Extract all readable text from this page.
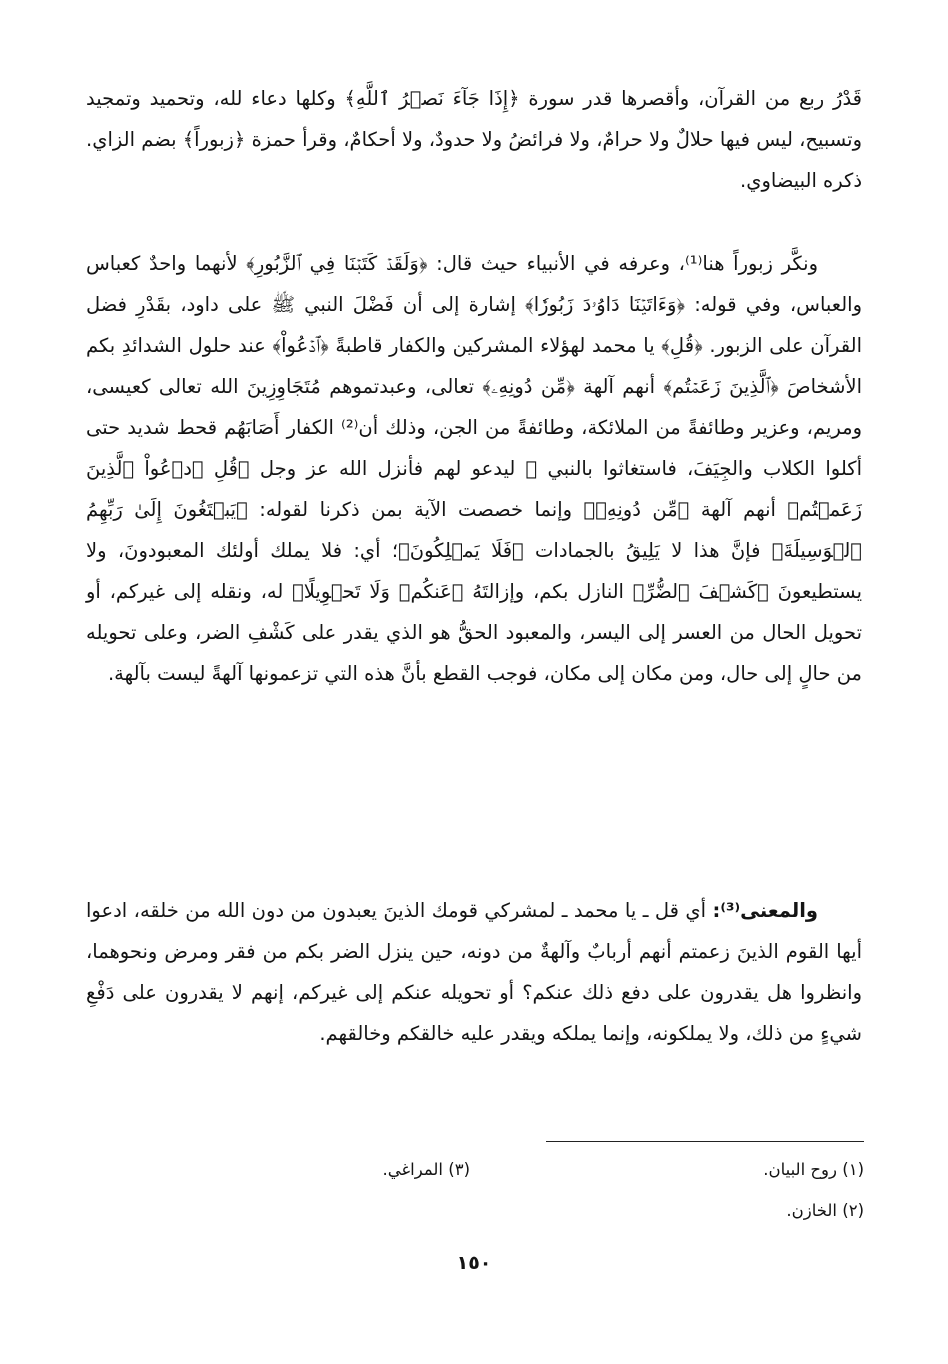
قَدْرُ ربع من القرآن، وأقصرها قدر سورة ﴿إِذَا جَآءَ نَصۡرُ ٱللَّهِ﴾ وكلها دعاء لله، وتحميد وتمجيد وتسبيح، ليس فيها حلالٌ ولا حرامٌ، ولا فرائضُ ولا حدودٌ، ولا أحكامٌ، وقرأ حمزة ﴿زبوراً﴾ بضم الزاي. ذكره البيضاوي.

ونكَّر زبوراً هنا⁽¹⁾، وعرفه في الأنبياء حيث قال: ﴿وَلَقَدۡ كَتَبۡنَا فِي ٱلزَّبُورِ﴾ لأنهما واحدٌ كعباس والعباس، وفي قوله: ﴿وَءَاتَيۡنَا دَاوُۥدَ زَبُورٗا﴾ إشارة إلى أن فَضْلَ النبي ﷺ على داود، بقَدْرِ فضل القرآن على الزبور. ﴿قُلِ﴾ يا محمد لهؤلاء المشركين والكفار قاطبةً ﴿ٱدۡعُواْ﴾ عند حلول الشدائدِ بكم الأشخاصَ ﴿ٱلَّذِينَ زَعَمۡتُم﴾ أنهم آلهة ﴿مِّن دُونِهِۦ﴾ تعالى، وعبدتموهم مُتَجَاوِزِينَ الله تعالى كعيسى، ومريم، وعزير وطائفةً من الملائكة، وطائفةً من الجن، وذلك أن⁽²⁾ الكفار أَصَابَهُم قحط شديد حتى أكلوا الكلاب والجِيَفَ، فاستغاثوا بالنبي ﷺ ليدعو لهم فأنزل الله عز وجل ﴿قُلِ ٱدۡعُواْ ٱلَّذِينَ زَعَمۡتُم﴾ أنهم آلهة ﴿مِّن دُونِهِۦ﴾ وإنما خصصت الآية بمن ذكرنا لقوله: ﴿يَبۡتَغُونَ إِلَىٰ رَبِّهِمُ ٱلۡوَسِيلَةَ﴾ فإنَّ هذا لا يَلِيقُ بالجمادات ﴿فَلَا يَمۡلِكُونَ﴾؛ أي: فلا يملك أولئك المعبودونَ، ولا يستطيعونَ ﴿كَشۡفَ ٱلضُّرِّ﴾ النازل بكم، وإزالتَهُ ﴿عَنكُمۡ وَلَا تَحۡوِيلًا﴾ له، ونقله إلى غيركم، أو تحويل الحال من العسر إلى اليسر، والمعبود الحقُّ هو الذي يقدر على كَشْفِ الضر، وعلى تحويله من حالٍ إلى حال، ومن مكان إلى مكان، فوجب القطع بأنَّ هذه التي تزعمونها آلهةً ليست بآلهة.

والمعنى⁽³⁾: أي قل ـ يا محمد ـ لمشركي قومك الذينَ يعبدون من دون الله من خلقه، ادعوا أيها القوم الذينَ زعمتم أنهم أربابٌ وآلهةٌ من دونه، حين ينزل الضر بكم من فقر ومرض ونحوهما، وانظروا هل يقدرون على دفع ذلك عنكم؟ أو تحويله عنكم إلى غيركم، إنهم لا يقدرون على دَفْعِ شيءٍ من ذلك، ولا يملكونه، وإنما يملكه ويقدر عليه خالقكم وخالقهم.

(١) روح البيان.
(٢) الخازن.
(٣) المراغي.
١٥٠
